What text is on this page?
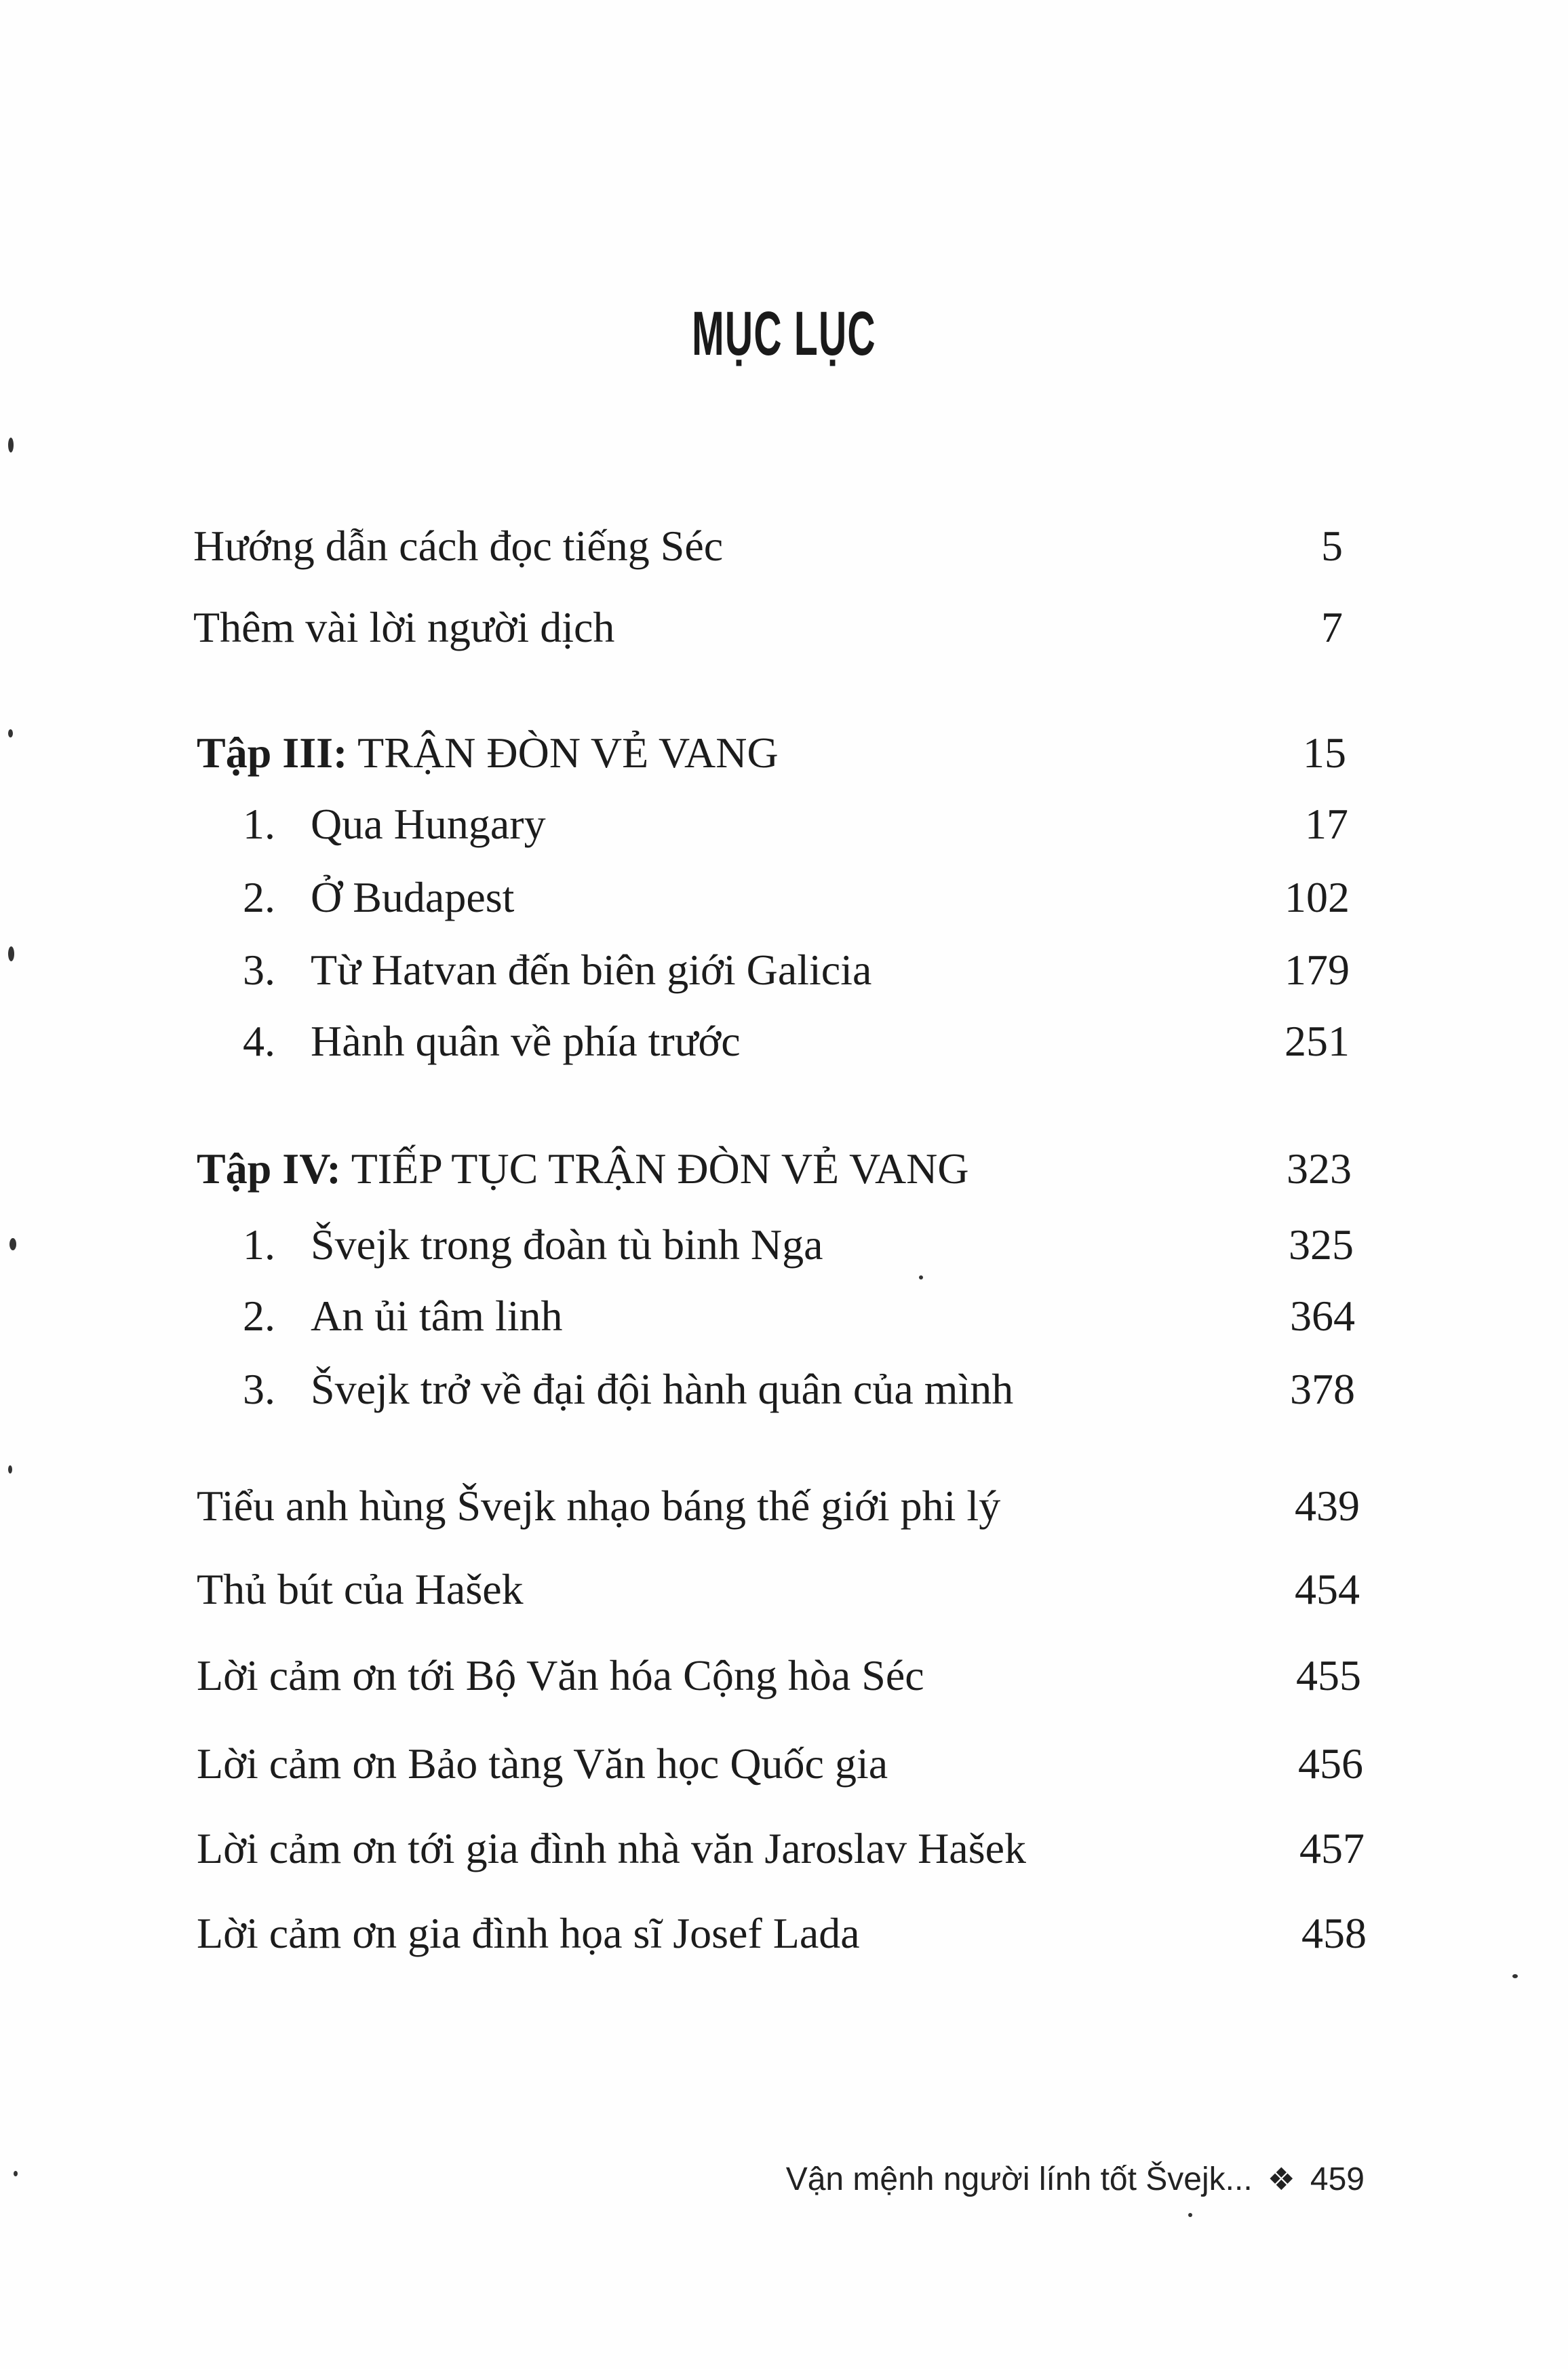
MỤC LỤC
Hướng dẫn cách đọc tiếng Séc	5
Thêm vài lời người dịch	7
Tập III: TRẬN ĐÒN VẺ VANG	15
1. Qua Hungary	17
2. Ở Budapest	102
3. Từ Hatvan đến biên giới Galicia	179
4. Hành quân về phía trước	251
Tập IV: TIẾP TỤC TRẬN ĐÒN VẺ VANG	323
1. Švejk trong đoàn tù binh Nga	325
2. An ủi tâm linh	364
3. Švejk trở về đại đội hành quân của mình	378
Tiểu anh hùng Švejk nhạo báng thế giới phi lý	439
Thủ bút của Hašek	454
Lời cảm ơn tới Bộ Văn hóa Cộng hòa Séc	455
Lời cảm ơn Bảo tàng Văn học Quốc gia	456
Lời cảm ơn tới gia đình nhà văn Jaroslav Hašek	457
Lời cảm ơn gia đình họa sĩ Josef Lada	458
Vận mệnh người lính tốt Švejk... ❖ 459
